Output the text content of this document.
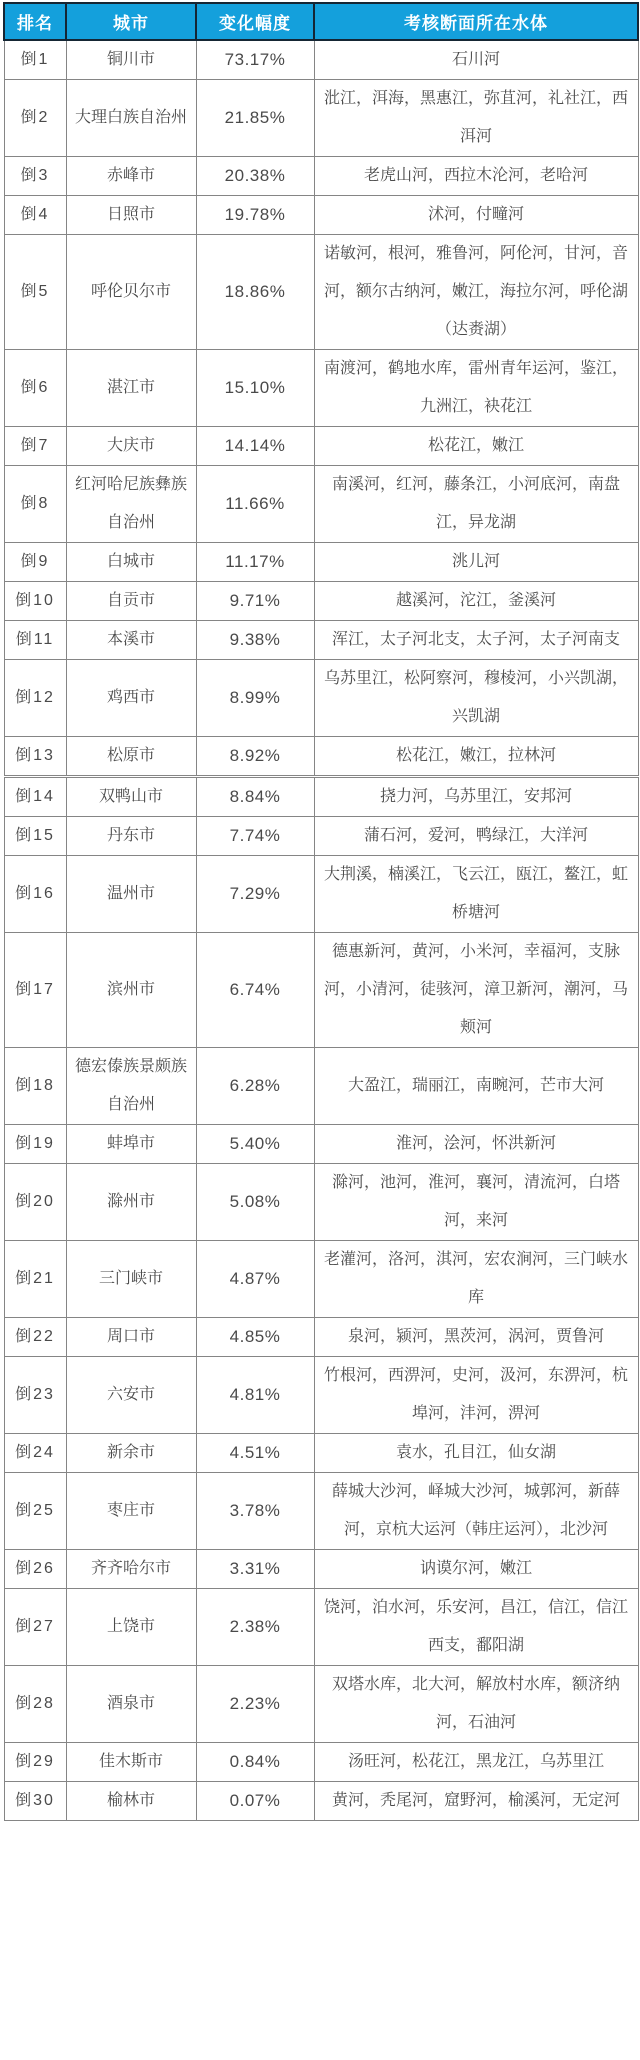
排名	城市	变化幅度	考核断面所在水体
倒1	铜川市	73.17%	石川河
倒2	大理白族自治州	21.85%	沘江，洱海，黑惠江，弥苴河，礼社江，西洱河
倒3	赤峰市	20.38%	老虎山河，西拉木沦河，老哈河
倒4	日照市	19.78%	沭河，付疃河
倒5	呼伦贝尔市	18.86%	诺敏河，根河，雅鲁河，阿伦河，甘河，音河，额尔古纳河，嫩江，海拉尔河，呼伦湖（达赉湖）
倒6	湛江市	15.10%	南渡河，鹤地水库，雷州青年运河，鉴江，九洲江，袂花江
倒7	大庆市	14.14%	松花江，嫩江
倒8	红河哈尼族彝族自治州	11.66%	南溪河，红河，藤条江，小河底河，南盘江，异龙湖
倒9	白城市	11.17%	洮儿河
倒10	自贡市	9.71%	越溪河，沱江，釜溪河
倒11	本溪市	9.38%	浑江，太子河北支，太子河，太子河南支
倒12	鸡西市	8.99%	乌苏里江，松阿察河，穆棱河，小兴凯湖，兴凯湖
倒13	松原市	8.92%	松花江，嫩江，拉林河
倒14	双鸭山市	8.84%	挠力河，乌苏里江，安邦河
倒15	丹东市	7.74%	蒲石河，爱河，鸭绿江，大洋河
倒16	温州市	7.29%	大荆溪，楠溪江，飞云江，瓯江，鳌江，虹桥塘河
倒17	滨州市	6.74%	德惠新河，黄河，小米河，幸福河，支脉河，小清河，徒骇河，漳卫新河，潮河，马颊河
倒18	德宏傣族景颇族自治州	6.28%	大盈江，瑞丽江，南畹河，芒市大河
倒19	蚌埠市	5.40%	淮河，浍河，怀洪新河
倒20	滁州市	5.08%	滁河，池河，淮河，襄河，清流河，白塔河，来河
倒21	三门峡市	4.87%	老灌河，洛河，淇河，宏农涧河，三门峡水库
倒22	周口市	4.85%	泉河，颍河，黑茨河，涡河，贾鲁河
倒23	六安市	4.81%	竹根河，西淠河，史河，汲河，东淠河，杭埠河，沣河，淠河
倒24	新余市	4.51%	袁水，孔目江，仙女湖
倒25	枣庄市	3.78%	薛城大沙河，峄城大沙河，城郭河，新薛河，京杭大运河（韩庄运河），北沙河
倒26	齐齐哈尔市	3.31%	讷谟尔河，嫩江
倒27	上饶市	2.38%	饶河，泊水河，乐安河，昌江，信江，信江西支，鄱阳湖
倒28	酒泉市	2.23%	双塔水库，北大河，解放村水库，额济纳河，石油河
倒29	佳木斯市	0.84%	汤旺河，松花江，黑龙江，乌苏里江
倒30	榆林市	0.07%	黄河，秃尾河，窟野河，榆溪河，无定河
